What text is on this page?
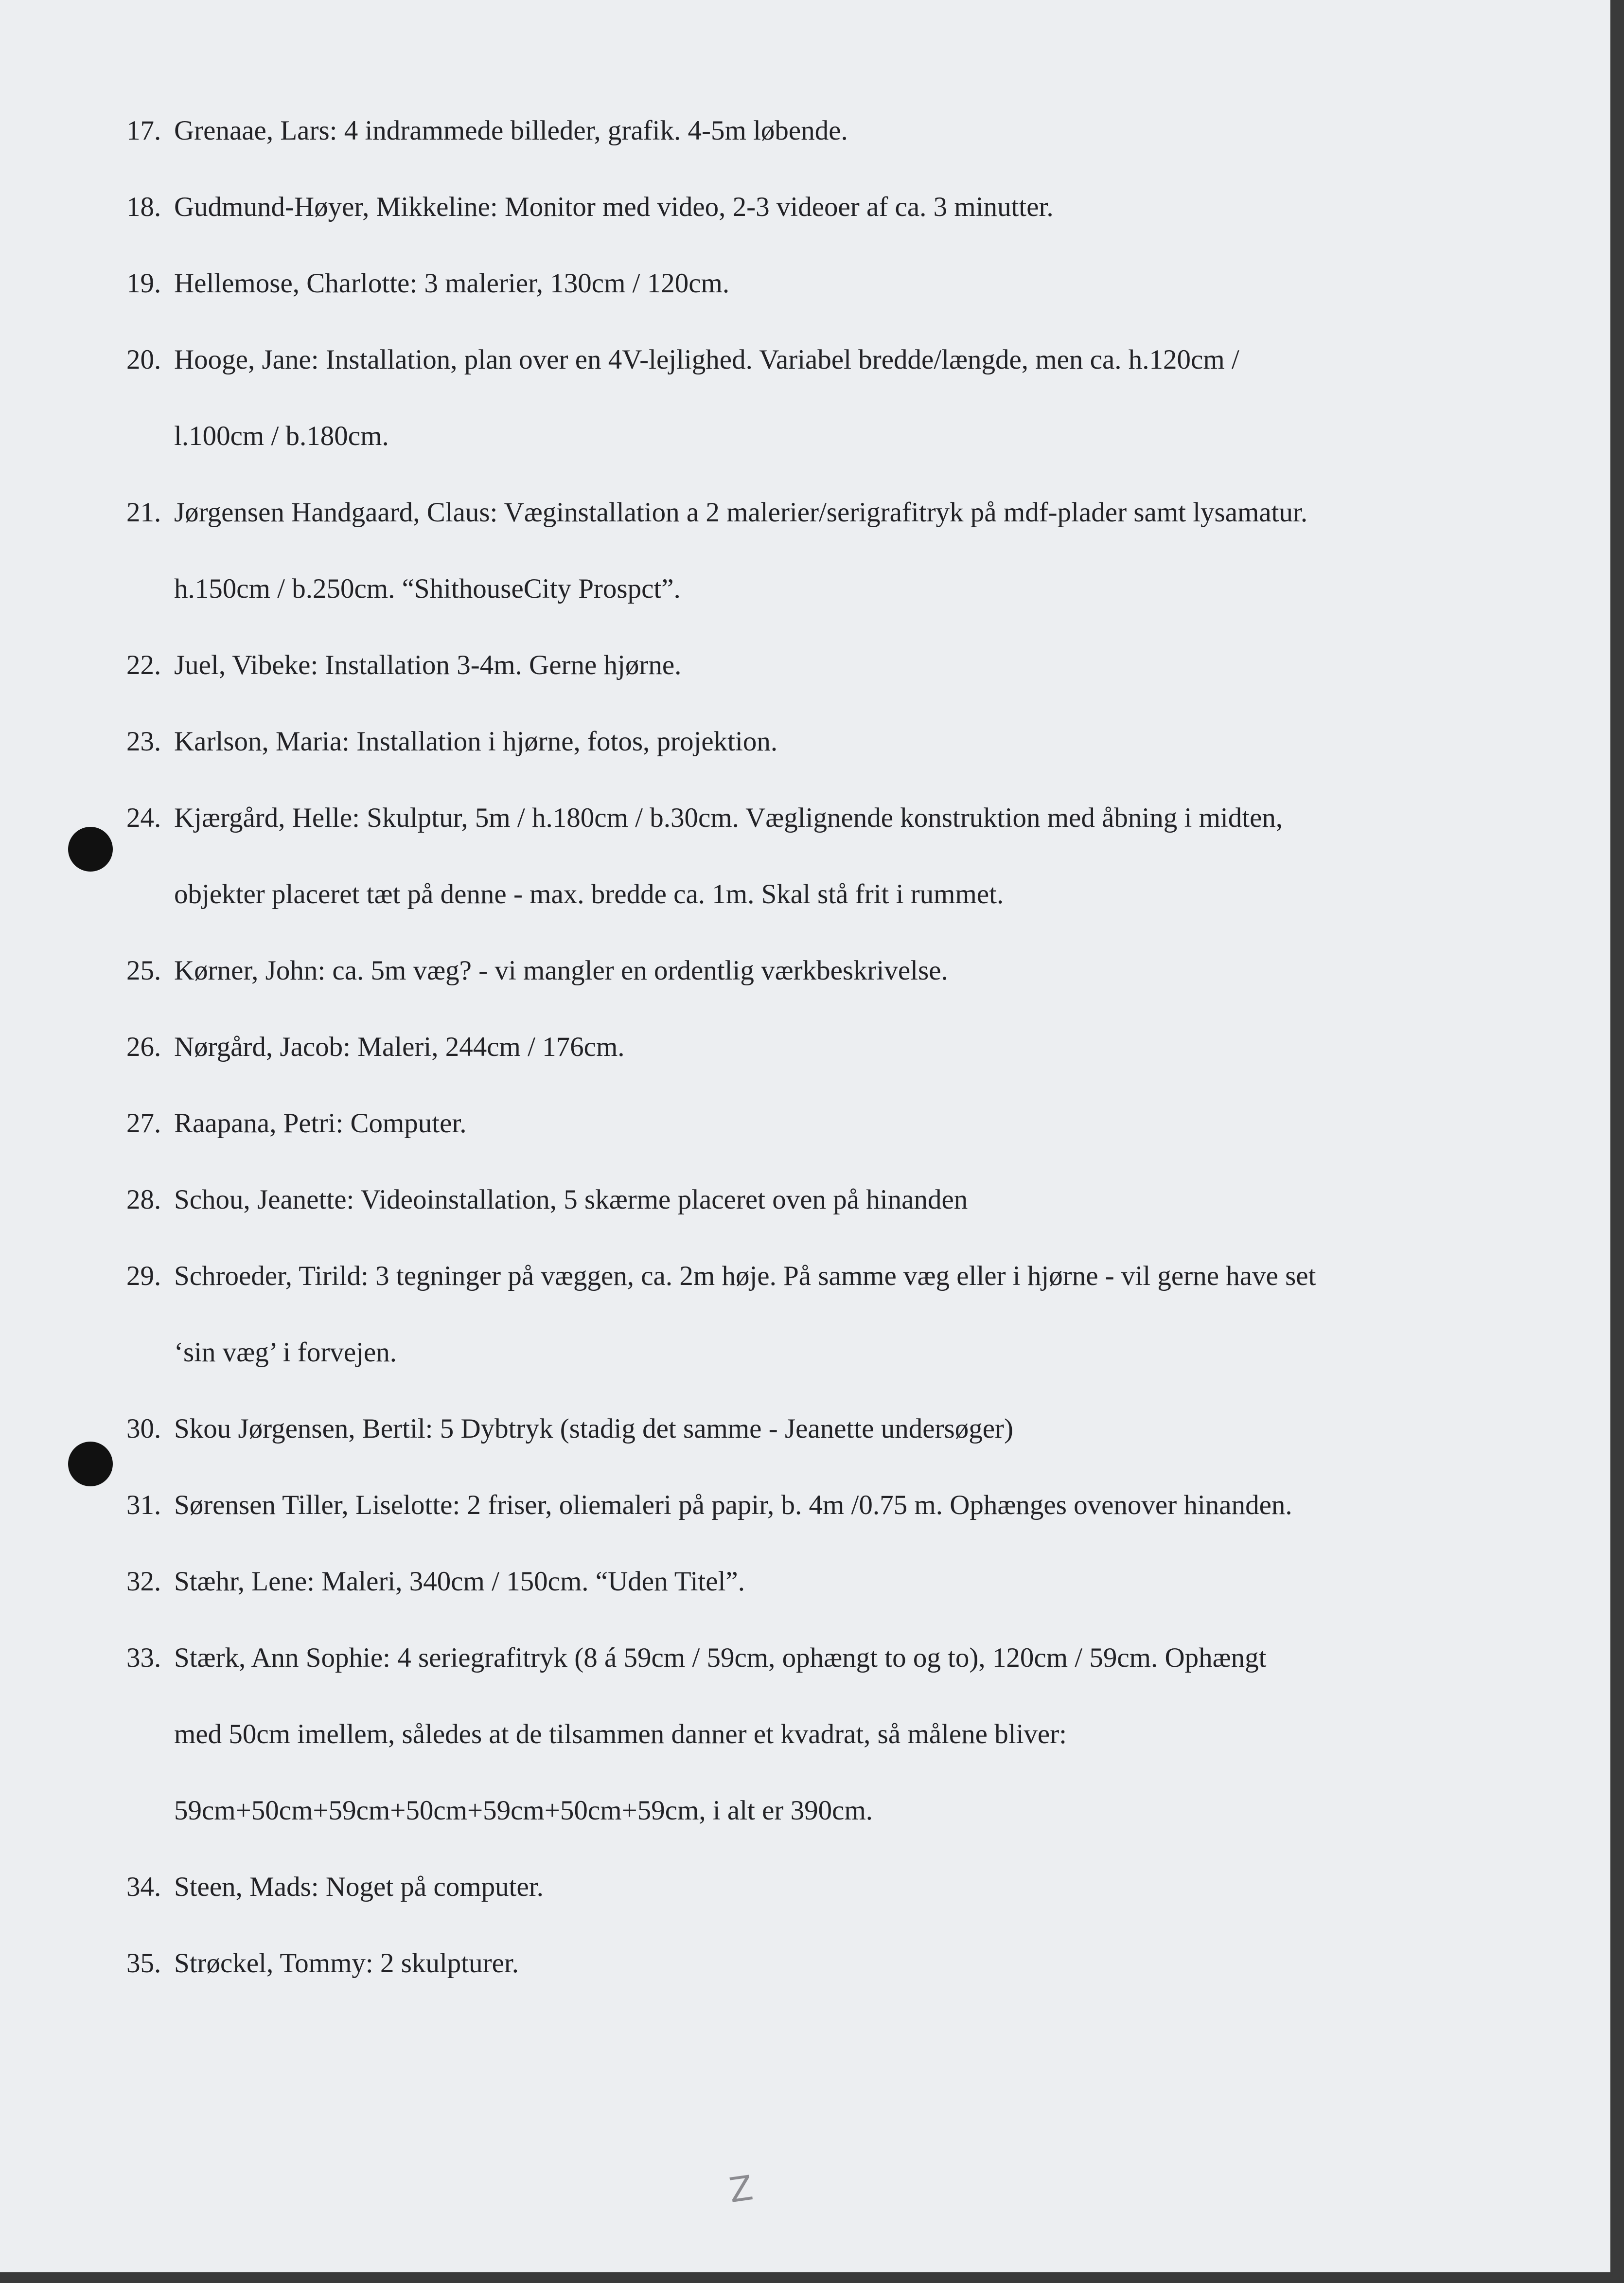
17. Grenaae, Lars: 4 indrammede billeder, grafik. 4-5m løbende.
18. Gudmund-Høyer, Mikkeline: Monitor med video, 2-3 videoer af ca. 3 minutter.
19. Hellemose, Charlotte: 3 malerier, 130cm / 120cm.
20. Hooge, Jane: Installation, plan over en 4V-lejlighed. Variabel bredde/længde, men ca. h.120cm /
l.100cm / b.180cm.
21. Jørgensen Handgaard, Claus: Væginstallation a 2 malerier/serigrafitryk på mdf-plader samt lysamatur.
h.150cm / b.250cm. “ShithouseCity Prospct”.
22. Juel, Vibeke: Installation 3-4m. Gerne hjørne.
23. Karlson, Maria: Installation i hjørne, fotos, projektion.
24. Kjærgård, Helle: Skulptur, 5m / h.180cm / b.30cm. Væglignende konstruktion med åbning i midten,
objekter placeret tæt på denne - max. bredde ca. 1m. Skal stå frit i rummet.
25. Kørner, John: ca. 5m væg? - vi mangler en ordentlig værkbeskrivelse.
26. Nørgård, Jacob: Maleri, 244cm / 176cm.
27. Raapana, Petri: Computer.
28. Schou, Jeanette: Videoinstallation, 5 skærme placeret oven på hinanden
29. Schroeder, Tirild: 3 tegninger på væggen, ca. 2m høje. På samme væg eller i hjørne - vil gerne have set
‘sin væg’ i forvejen.
30. Skou Jørgensen, Bertil: 5 Dybtryk (stadig det samme - Jeanette undersøger)
31. Sørensen Tiller, Liselotte: 2 friser, oliemaleri på papir, b. 4m /0.75 m. Ophænges ovenover hinanden.
32. Stæhr, Lene: Maleri, 340cm / 150cm. “Uden Titel”.
33. Stærk, Ann Sophie: 4 seriegrafitryk (8 á 59cm / 59cm, ophængt to og to), 120cm / 59cm. Ophængt
med 50cm imellem, således at de tilsammen danner et kvadrat, så målene bliver:
59cm+50cm+59cm+50cm+59cm+50cm+59cm, i alt er 390cm.
34. Steen, Mads: Noget på computer.
35. Strøckel, Tommy: 2 skulpturer.
Z
